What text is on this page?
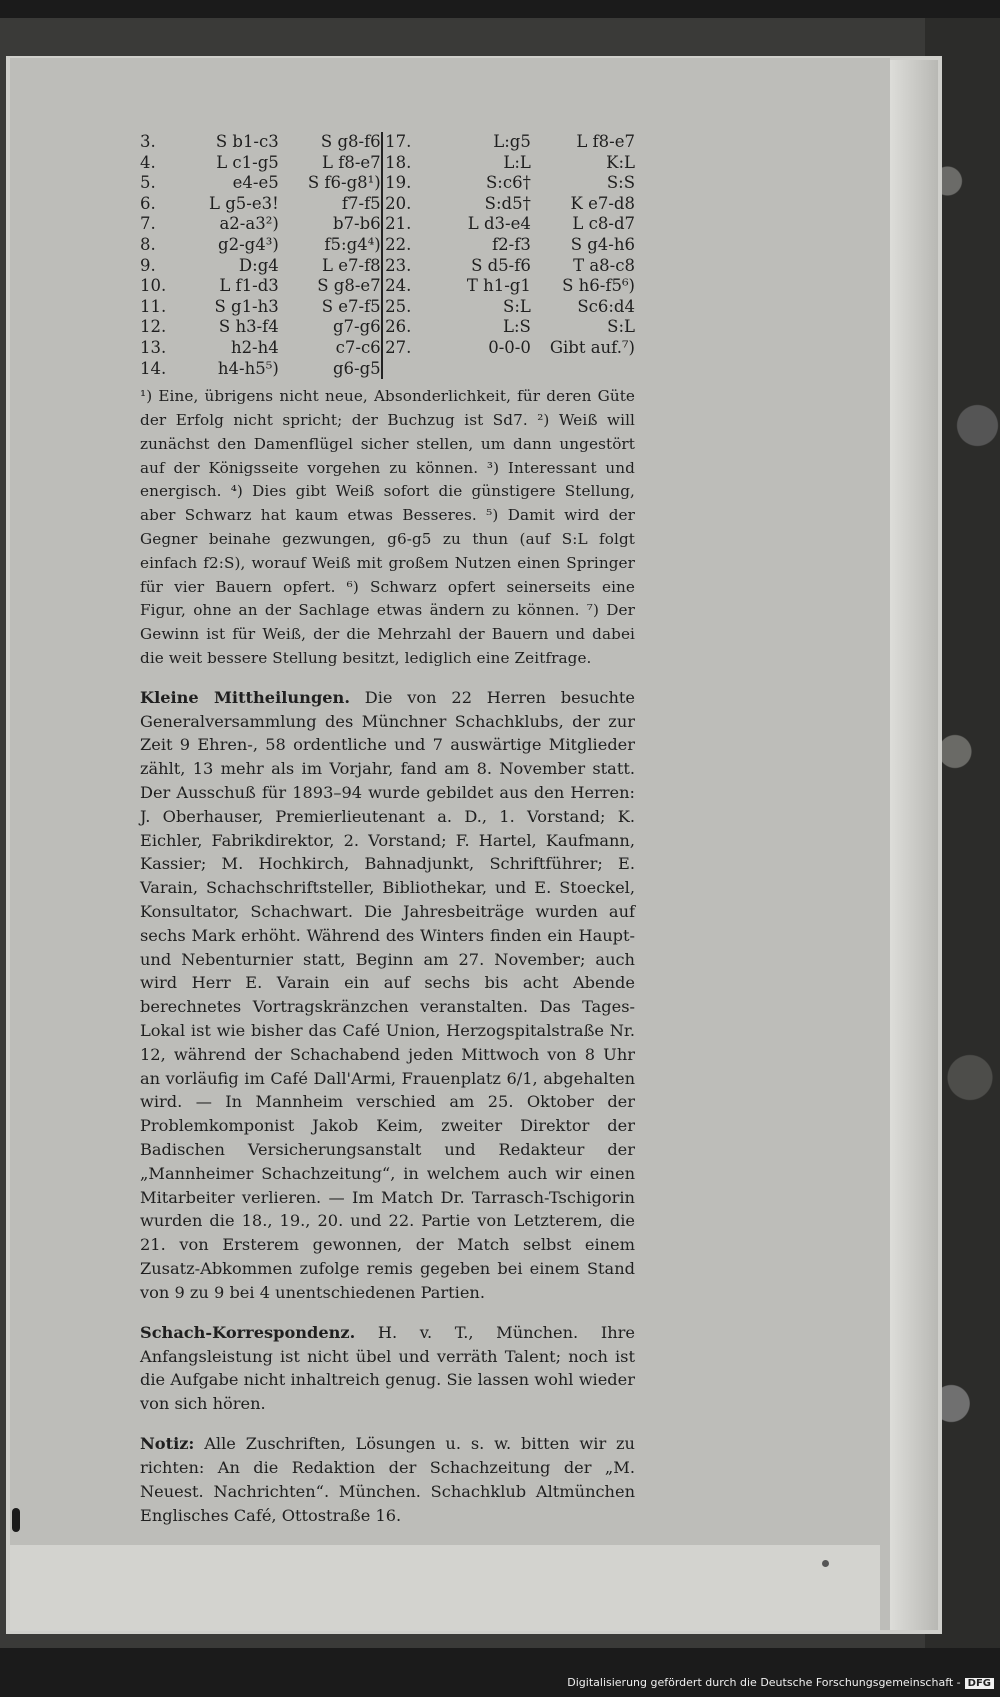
3.	S b1-c3	S g8-f6		17.	L:g5	L f8-e7
4.	L c1-g5	L f8-e7		18.	L:L	K:L
5.	e4-e5	S f6-g8¹)		19.	S:c6†	S:S
6.	L g5-e3!	f7-f5		20.	S:d5†	K e7-d8
7.	a2-a3²)	b7-b6		21.	L d3-e4	L c8-d7
8.	g2-g4³)	f5:g4⁴)		22.	f2-f3	S g4-h6
9.	D:g4	L e7-f8		23.	S d5-f6	T a8-c8
10.	L f1-d3	S g8-e7		24.	T h1-g1	S h6-f5⁶)
11.	S g1-h3	S e7-f5		25.	S:L	Sc6:d4
12.	S h3-f4	g7-g6		26.	L:S	S:L
13.	h2-h4	c7-c6		27.	0-0-0	Gibt auf.⁷)
14.	h4-h5⁵)	g6-g5				

¹) Eine, übrigens nicht neue, Absonderlichkeit, für deren Güte der Erfolg nicht spricht; der Buchzug ist Sd7. ²) Weiß will zunächst den Damenflügel sicher stellen, um dann ungestört auf der Königsseite vorgehen zu können. ³) Interessant und energisch. ⁴) Dies gibt Weiß sofort die günstigere Stellung, aber Schwarz hat kaum etwas Besseres. ⁵) Damit wird der Gegner beinahe gezwungen, g6-g5 zu thun (auf S:L folgt einfach f2:S), worauf Weiß mit großem Nutzen einen Springer für vier Bauern opfert. ⁶) Schwarz opfert seinerseits eine Figur, ohne an der Sachlage etwas ändern zu können. ⁷) Der Gewinn ist für Weiß, der die Mehrzahl der Bauern und dabei die weit bessere Stellung besitzt, lediglich eine Zeitfrage.

Kleine Mittheilungen. Die von 22 Herren besuchte Generalversammlung des Münchner Schachklubs, der zur Zeit 9 Ehren-, 58 ordentliche und 7 auswärtige Mitglieder zählt, 13 mehr als im Vorjahr, fand am 8. November statt. Der Ausschuß für 1893–94 wurde gebildet aus den Herren: J. Oberhauser, Premierlieutenant a. D., 1. Vorstand; K. Eichler, Fabrikdirektor, 2. Vorstand; F. Hartel, Kaufmann, Kassier; M. Hochkirch, Bahnadjunkt, Schriftführer; E. Varain, Schachschriftsteller, Bibliothekar, und E. Stoeckel, Konsultator, Schachwart. Die Jahresbeiträge wurden auf sechs Mark erhöht. Während des Winters finden ein Haupt- und Nebenturnier statt, Beginn am 27. November; auch wird Herr E. Varain ein auf sechs bis acht Abende berechnetes Vortragskränzchen veranstalten. Das Tages-Lokal ist wie bisher das Café Union, Herzogspitalstraße Nr. 12, während der Schachabend jeden Mittwoch von 8 Uhr an vorläufig im Café Dall'Armi, Frauenplatz 6/1, abgehalten wird. — In Mannheim verschied am 25. Oktober der Problemkomponist Jakob Keim, zweiter Direktor der Badischen Versicherungsanstalt und Redakteur der „Mannheimer Schachzeitung“, in welchem auch wir einen Mitarbeiter verlieren. — Im Match Dr. Tarrasch-Tschigorin wurden die 18., 19., 20. und 22. Partie von Letzterem, die 21. von Ersterem gewonnen, der Match selbst einem Zusatz-Abkommen zufolge remis gegeben bei einem Stand von 9 zu 9 bei 4 unentschiedenen Partien.

Schach-Korrespondenz. H. v. T., München. Ihre Anfangsleistung ist nicht übel und verräth Talent; noch ist die Aufgabe nicht inhaltreich genug. Sie lassen wohl wieder von sich hören.

Notiz: Alle Zuschriften, Lösungen u. s. w. bitten wir zu richten: An die Redaktion der Schachzeitung der „M. Neuest. Nachrichten“. München. Schachklub Altmünchen Englisches Café, Ottostraße 16.

Digitalisierung gefördert durch die Deutsche Forschungsgemeinschaft - DFG
